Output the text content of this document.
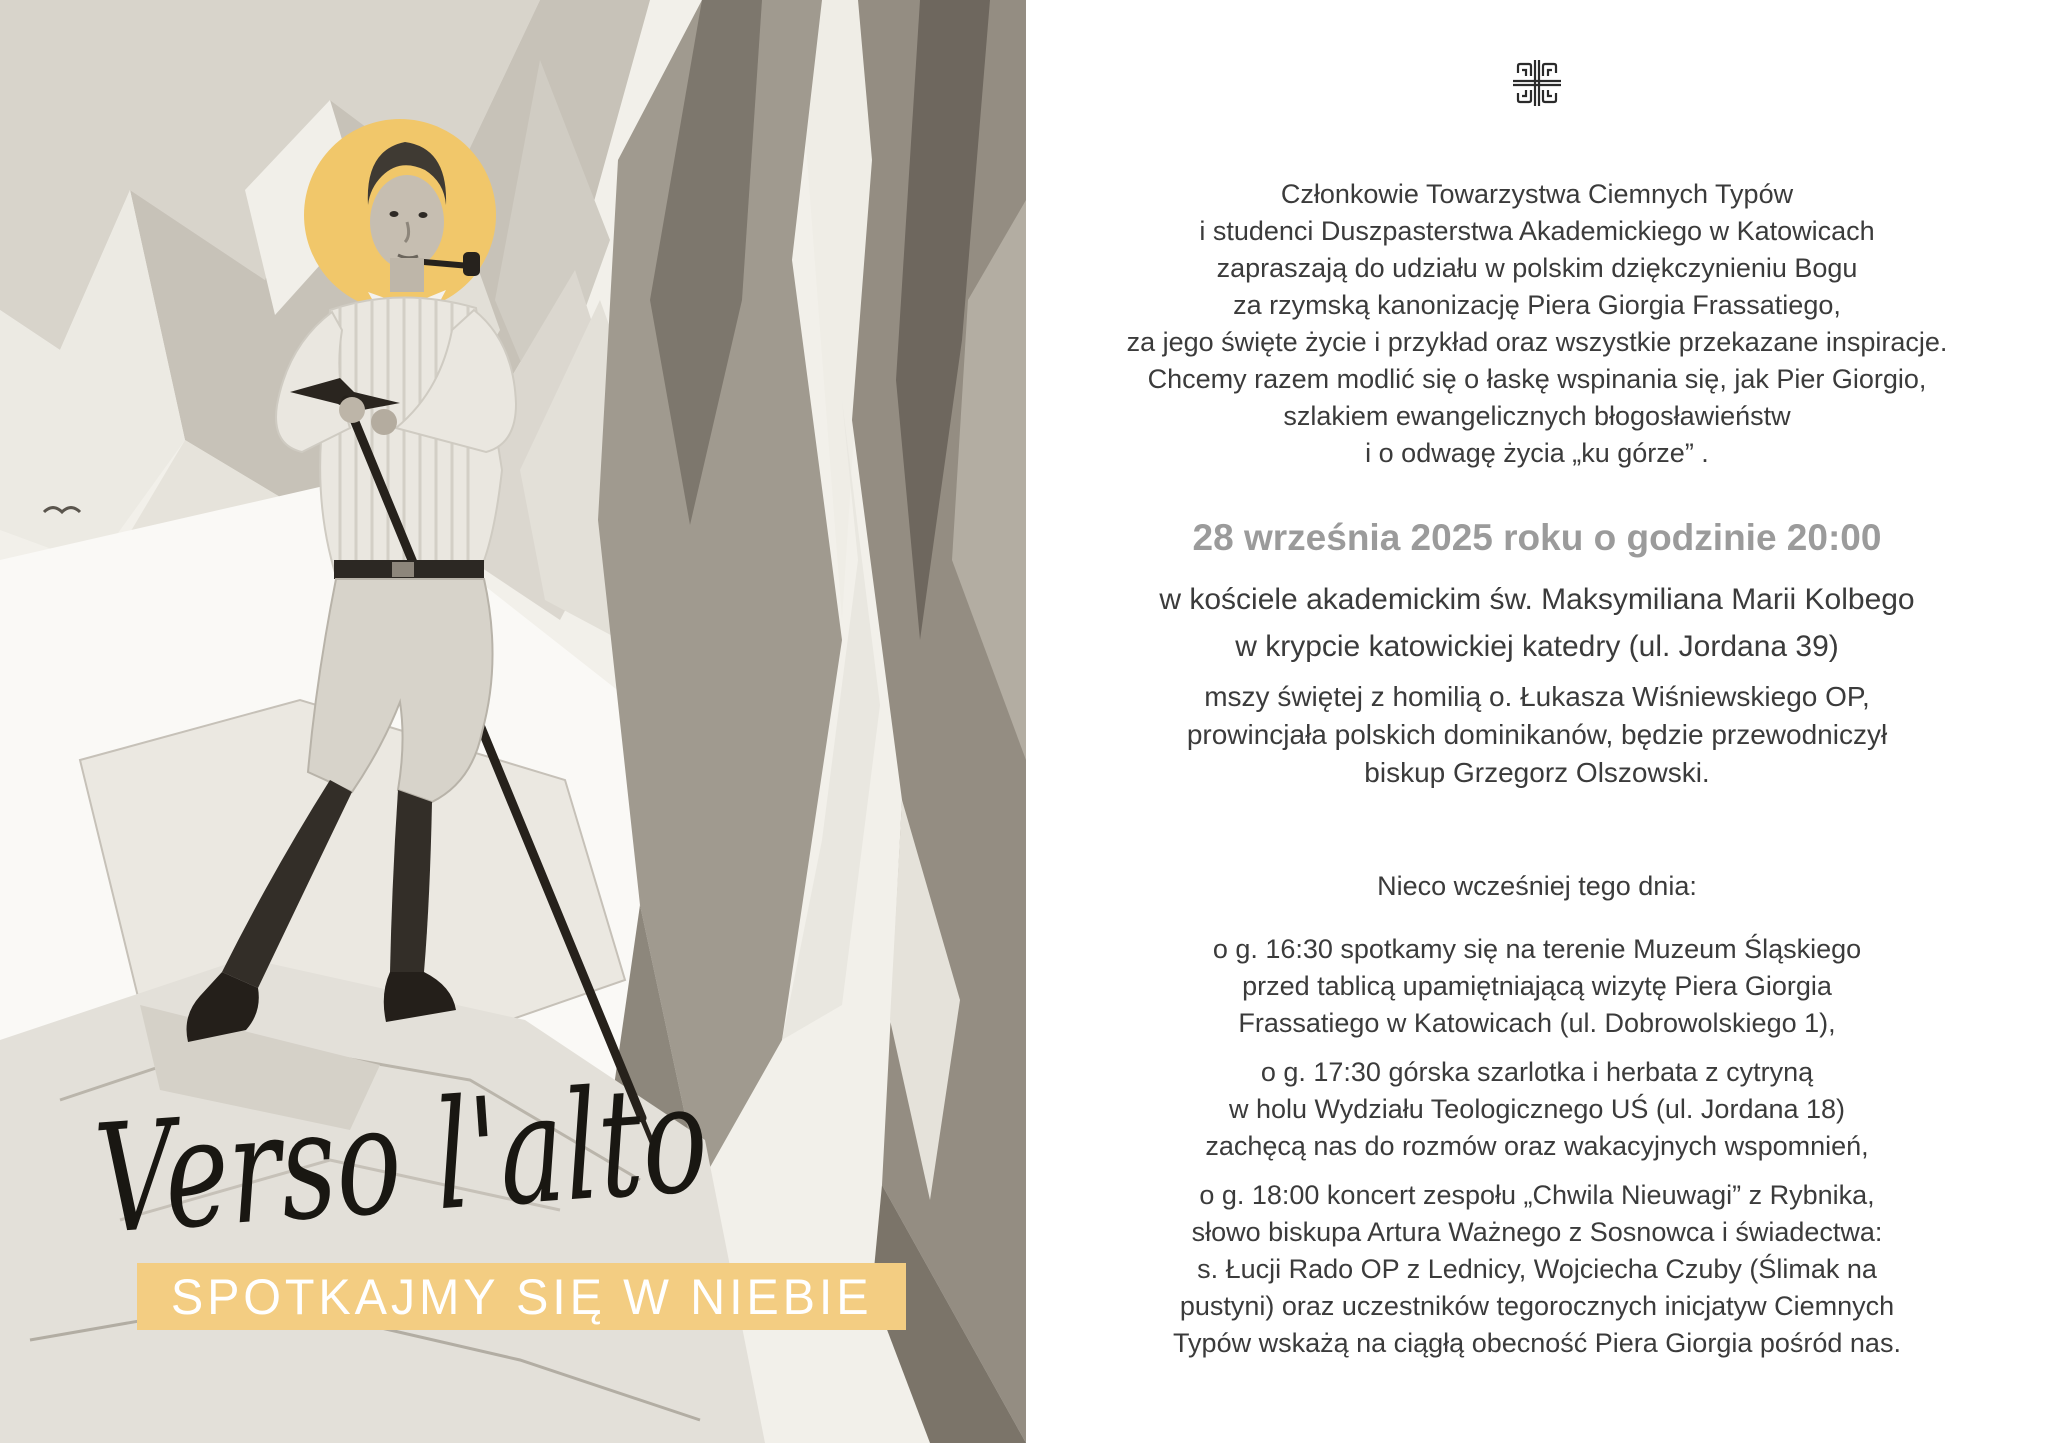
Verso l'alto
SPOTKAJMY SIĘ W NIEBIE
Członkowie Towarzystwa Ciemnych Typów
i studenci Duszpasterstwa Akademickiego w Katowicach
zapraszają do udziału w polskim dziękczynieniu Bogu
za rzymską kanonizację Piera Giorgia Frassatiego,
za jego święte życie i przykład oraz wszystkie przekazane inspiracje.
Chcemy razem modlić się o łaskę wspinania się, jak Pier Giorgio,
szlakiem ewangelicznych błogosławieństw
i o odwagę życia „ku górze” .
28 września 2025 roku o godzinie 20:00
w kościele akademickim św. Maksymiliana Marii Kolbego
w krypcie katowickiej katedry (ul. Jordana 39)
mszy świętej z homilią o. Łukasza Wiśniewskiego OP,
prowincjała polskich dominikanów, będzie przewodniczył
biskup Grzegorz Olszowski.
Nieco wcześniej tego dnia:
o g. 16:30 spotkamy się na terenie Muzeum Śląskiego
przed tablicą upamiętniającą wizytę Piera Giorgia
Frassatiego w Katowicach (ul. Dobrowolskiego 1),
o g. 17:30 górska szarlotka i herbata z cytryną
w holu Wydziału Teologicznego UŚ (ul. Jordana 18)
zachęcą nas do rozmów oraz wakacyjnych wspomnień,
o g. 18:00 koncert zespołu „Chwila Nieuwagi” z Rybnika,
słowo biskupa Artura Ważnego z Sosnowca i świadectwa:
s. Łucji Rado OP z Lednicy, Wojciecha Czuby (Ślimak na
pustyni) oraz uczestników tegorocznych inicjatyw Ciemnych
Typów wskażą na ciągłą obecność Piera Giorgia pośród nas.
